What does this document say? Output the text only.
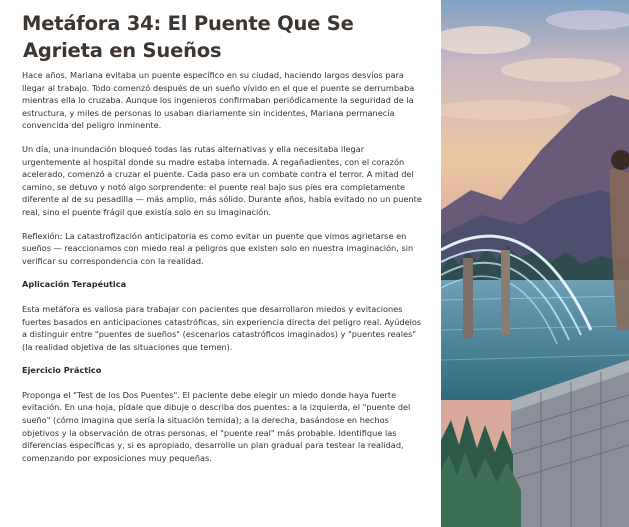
Metáfora 34: El Puente Que Se
Agrieta en Sueños

Hace años, Mariana evitaba un puente específico en su ciudad, haciendo largos desvíos para llegar al trabajo. Todo comenzó después de un sueño vívido en el que el puente se derrumbaba mientras ella lo cruzaba. Aunque los ingenieros confirmaban periódicamente la seguridad de la estructura, y miles de personas lo usaban diariamente sin incidentes, Mariana permanecía convencida del peligro inminente.

Un día, una inundación bloqueó todas las rutas alternativas y ella necesitaba llegar urgentemente al hospital donde su madre estaba internada. A regañadientes, con el corazón acelerado, comenzó a cruzar el puente. Cada paso era un combate contra el terror. A mitad del camino, se detuvo y notó algo sorprendente: el puente real bajo sus pies era completamente diferente al de su pesadilla — más amplio, más sólido. Durante años, había evitado no un puente real, sino el puente frágil que existía solo en su imaginación.

Reflexión: La catastrofización anticipatoria es como evitar un puente que vimos agrietarse en sueños — reaccionamos con miedo real a peligros que existen solo en nuestra imaginación, sin verificar su correspondencia con la realidad.

Aplicación Terapéutica

Esta metáfora es valiosa para trabajar con pacientes que desarrollaron miedos y evitaciones fuertes basados en anticipaciones catastróficas, sin experiencia directa del peligro real. Ayúdelos a distinguir entre "puentes de sueños" (escenarios catastróficos imaginados) y "puentes reales" (la realidad objetiva de las situaciones que temen).

Ejercicio Práctico

Proponga el "Test de los Dos Puentes". El paciente debe elegir un miedo donde haya fuerte evitación. En una hoja, pídale que dibuje o describa dos puentes: a la izquierda, el "puente del sueño" (cómo imagina que sería la situación temida); a la derecha, basándose en hechos objetivos y la observación de otras personas, el "puente real" más probable. Identifique las diferencias específicas y, si es apropiado, desarrolle un plan gradual para testear la realidad, comenzando por exposiciones muy pequeñas.
